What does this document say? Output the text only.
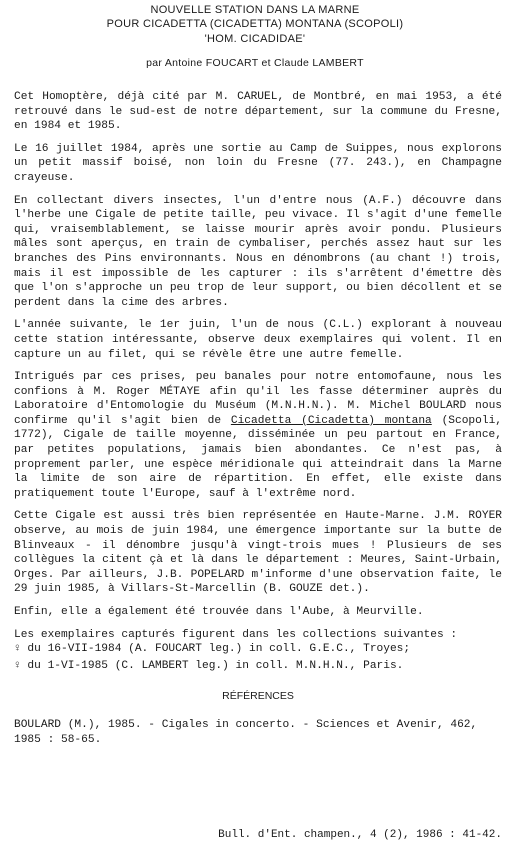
NOUVELLE STATION DANS LA MARNE

POUR CICADETTA (CICADETTA) MONTANA (SCOPOLI)

'HOM. CICADIDAE'

par Antoine FOUCART et Claude LAMBERT

Cet Homoptère, déjà cité par M. CARUEL, de Montbré, en mai 1953, a été retrouvé dans le sud-est de notre département, sur la commune du Fresne, en 1984 et 1985.

Le 16 juillet 1984, après une sortie au Camp de Suippes, nous explorons un petit massif boisé, non loin du Fresne (77. 243.), en Champagne crayeuse.

En collectant divers insectes, l'un d'entre nous (A.F.) découvre dans l'herbe une Cigale de petite taille, peu vivace. Il s'agit d'une femelle qui, vraisemblablement, se laisse mourir après avoir pondu. Plusieurs mâles sont aperçus, en train de cymbaliser, perchés assez haut sur les branches des Pins environnants. Nous en dénombrons (au chant !) trois, mais il est impossible de les capturer : ils s'arrêtent d'émettre dès que l'on s'approche un peu trop de leur support, ou bien décollent et se perdent dans la cime des arbres.

L'année suivante, le 1er juin, l'un de nous (C.L.) explorant à nouveau cette station intéressante, observe deux exemplaires qui volent. Il en capture un au filet, qui se révèle être une autre femelle.

Intrigués par ces prises, peu banales pour notre entomofaune, nous les confions à M. Roger MÉTAYE afin qu'il les fasse déterminer auprès du Laboratoire d'Entomologie du Muséum (M.N.H.N.). M. Michel BOULARD nous confirme qu'il s'agit bien de Cicadetta (Cicadetta) montana (Scopoli, 1772), Cigale de taille moyenne, disséminée un peu partout en France, par petites populations, jamais bien abondantes. Ce n'est pas, à proprement parler, une espèce méridionale qui atteindrait dans la Marne la limite de son aire de répartition. En effet, elle existe dans pratiquement toute l'Europe, sauf à l'extrême nord.

Cette Cigale est aussi très bien représentée en Haute-Marne. J.M. ROYER observe, au mois de juin 1984, une émergence importante sur la butte de Blinveaux - il dénombre jusqu'à vingt-trois mues ! Plusieurs de ses collègues la citent çà et là dans le département : Meures, Saint-Urbain, Orges. Par ailleurs, J.B. POPELARD m'informe d'une observation faite, le 29 juin 1985, à Villars-St-Marcellin (B. GOUZE det.).

Enfin, elle a également été trouvée dans l'Aube, à Meurville.

Les exemplaires capturés figurent dans les collections suivantes :

♀ du 16-VII-1984 (A. FOUCART leg.) in coll. G.E.C., Troyes;

♀ du 1-VI-1985 (C. LAMBERT leg.) in coll. M.N.H.N., Paris.

RÉFÉRENCES

BOULARD (M.), 1985. - Cigales in concerto. - Sciences et Avenir, 462, 1985 : 58-65.

Bull. d'Ent. champen., 4 (2), 1986 : 41-42.
